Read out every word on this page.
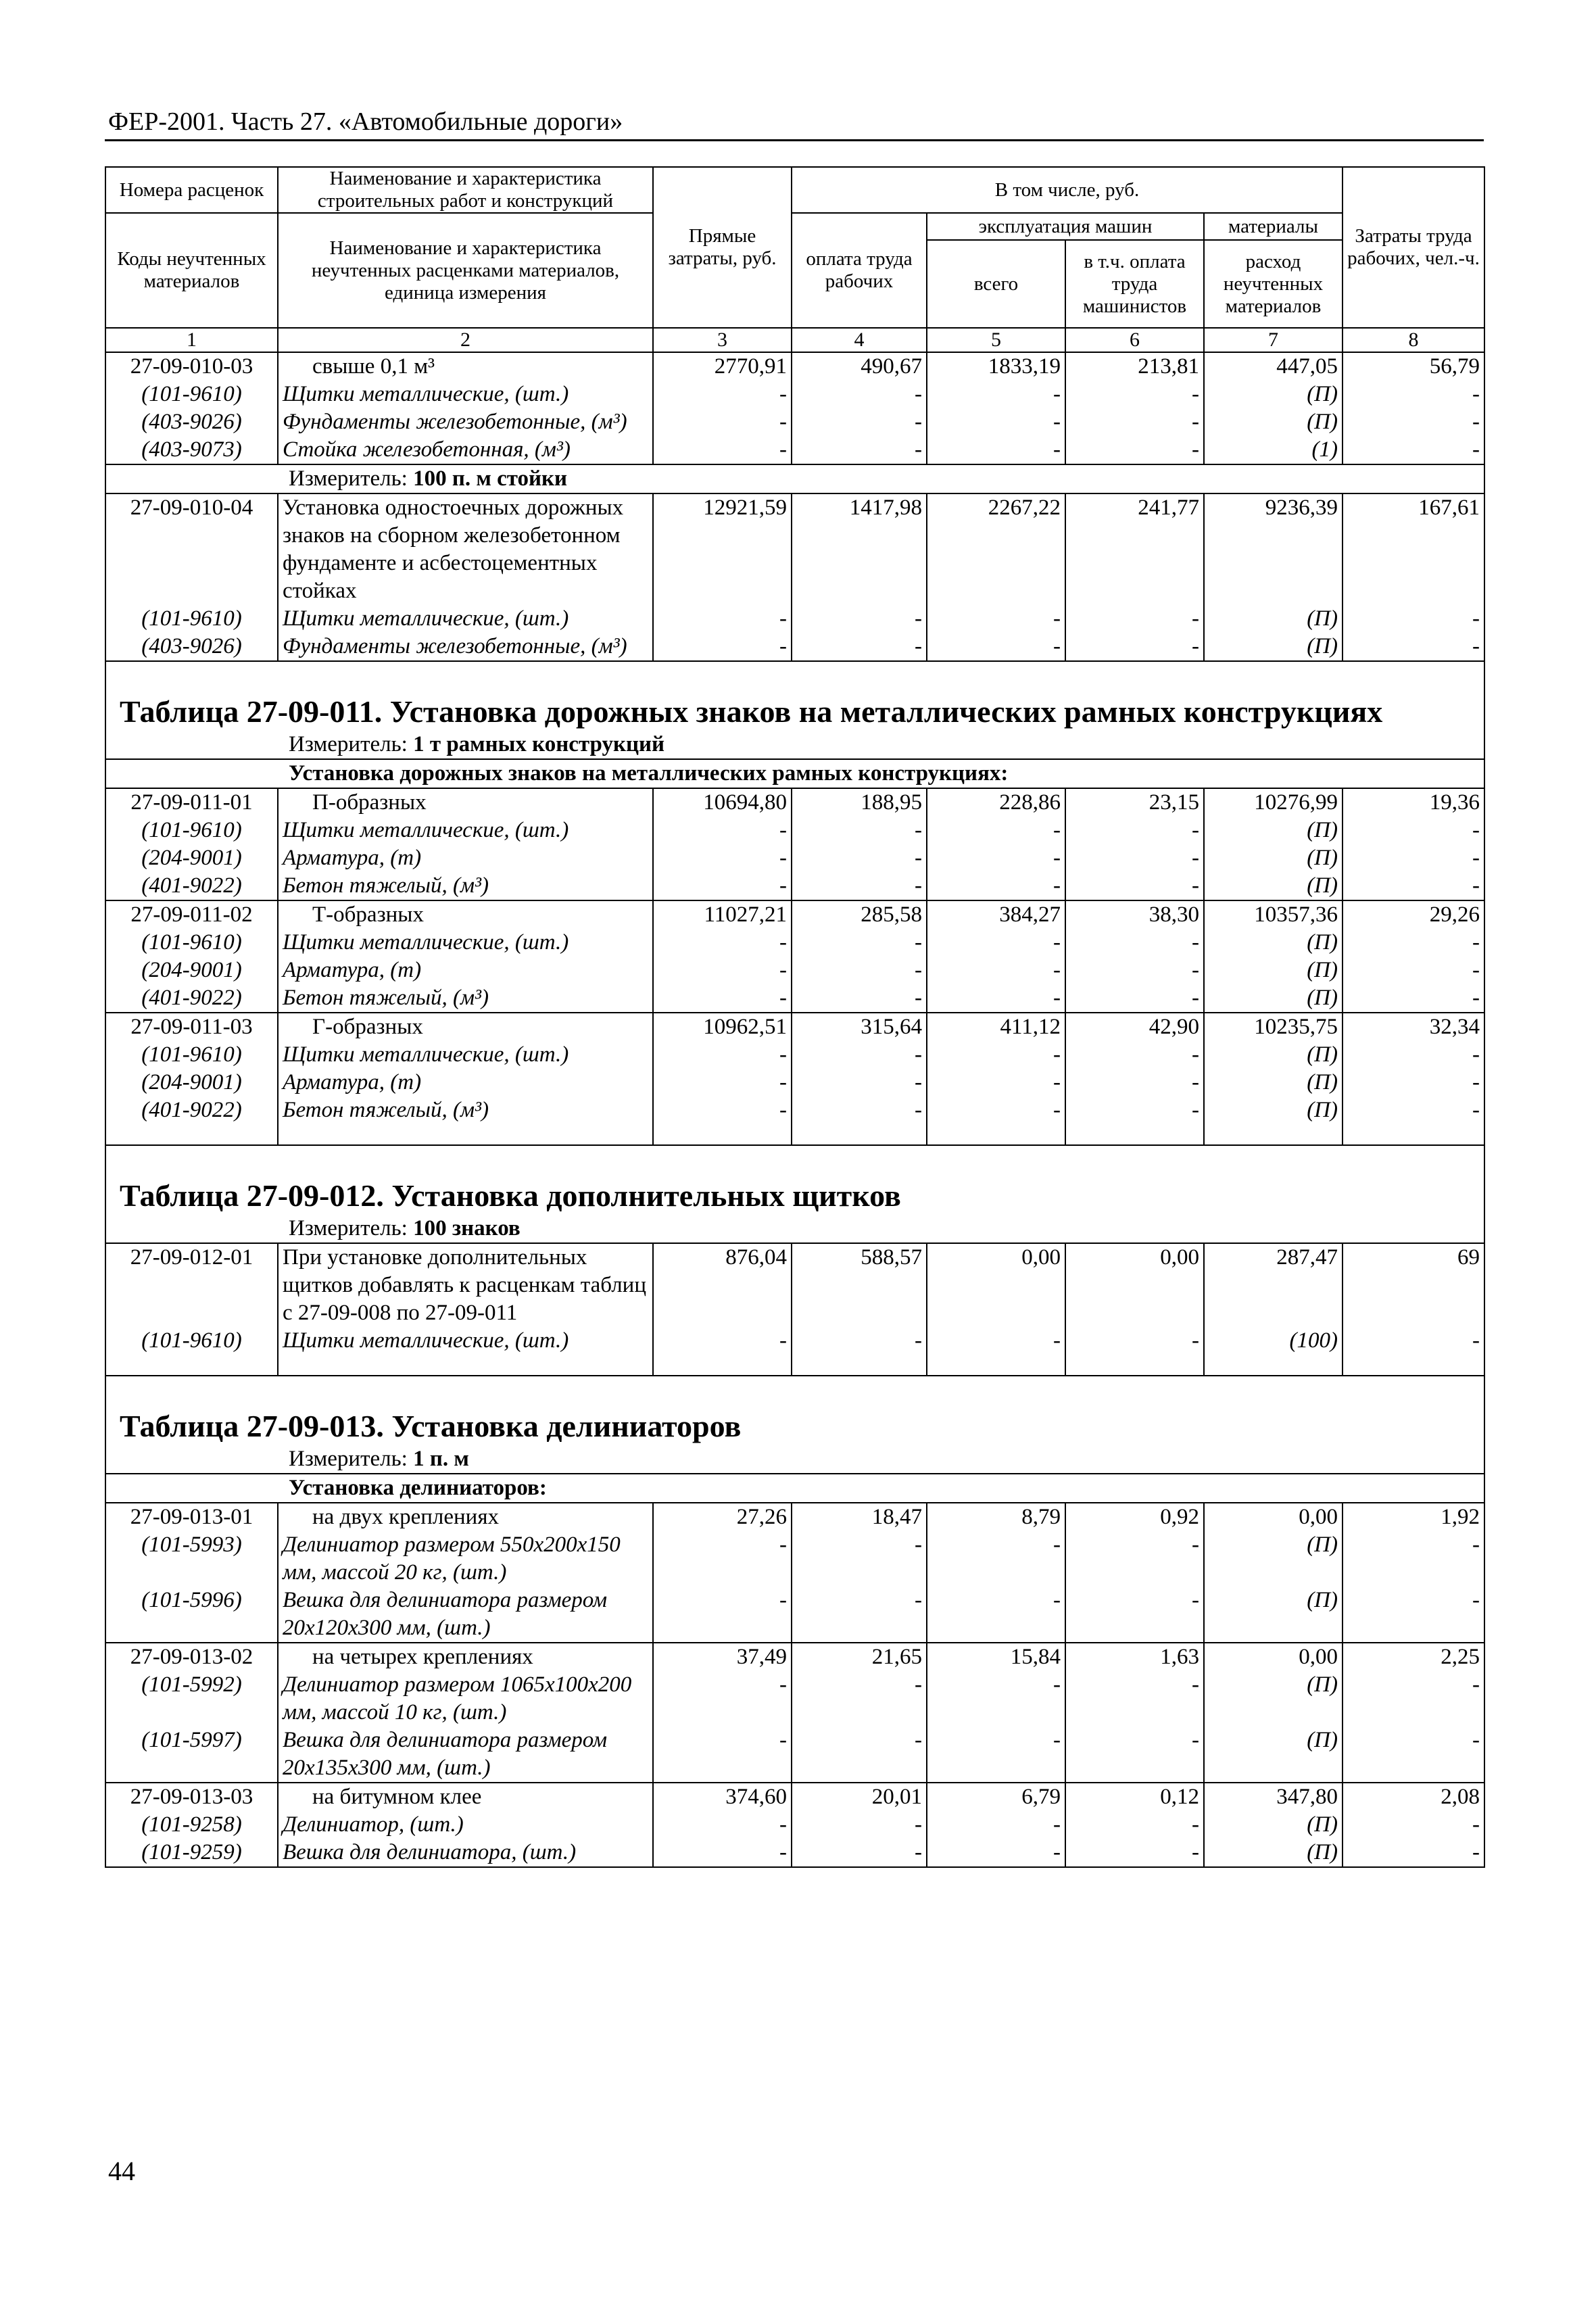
ФЕР-2001. Часть 27. «Автомобильные дороги»
Номера расценок	Наименование и характеристика строительных работ и конструкций	Прямые затраты, руб.	В том числе, руб.				Затраты труда рабочих, чел.-ч.
Коды неучтенных материалов	Наименование и характеристика неучтенных расценками материалов, единица измерения		оплата труда рабочих	эксплуатация машин		материалы	
				всего	в т.ч. оплата труда машинистов	расход неучтенных материалов	
1	2	3	4	5	6	7	8
27-09-010-03	свыше 0,1 м³	2770,91	490,67	1833,19	213,81	447,05	56,79
(101-9610)	Щитки металлические, (шт.)	-	-	-	-	(П)	-
(403-9026)	Фундаменты железобетонные, (м³)	-	-	-	-	(П)	-
(403-9073)	Стойка железобетонная, (м³)	-	-	-	-	(1)	-
Измеритель: 100 п. м стойки							
27-09-010-04	Установка одностоечных дорожных знаков на сборном железобетонном фундаменте и асбестоцементных стойках	12921,59	1417,98	2267,22	241,77	9236,39	167,61
(101-9610)	Щитки металлические, (шт.)	-	-	-	-	(П)	-
(403-9026)	Фундаменты железобетонные, (м³)	-	-	-	-	(П)	-

Таблица 27-09-011. Установка дорожных знаков на металлических рамных конструкциях							
Измеритель: 1 т рамных конструкций							
Установка дорожных знаков на металлических рамных конструкциях:							
27-09-011-01	П-образных	10694,80	188,95	228,86	23,15	10276,99	19,36
(101-9610)	Щитки металлические, (шт.)	-	-	-	-	(П)	-
(204-9001)	Арматура, (т)	-	-	-	-	(П)	-
(401-9022)	Бетон тяжелый, (м³)	-	-	-	-	(П)	-
27-09-011-02	Т-образных	11027,21	285,58	384,27	38,30	10357,36	29,26
(101-9610)	Щитки металлические, (шт.)	-	-	-	-	(П)	-
(204-9001)	Арматура, (т)	-	-	-	-	(П)	-
(401-9022)	Бетон тяжелый, (м³)	-	-	-	-	(П)	-
27-09-011-03	Г-образных	10962,51	315,64	411,12	42,90	10235,75	32,34
(101-9610)	Щитки металлические, (шт.)	-	-	-	-	(П)	-
(204-9001)	Арматура, (т)	-	-	-	-	(П)	-
(401-9022)	Бетон тяжелый, (м³)	-	-	-	-	(П)	-

Таблица 27-09-012. Установка дополнительных щитков							
Измеритель: 100 знаков							
27-09-012-01	При установке дополнительных щитков добавлять к расценкам таблиц с 27-09-008 по 27-09-011	876,04	588,57	0,00	0,00	287,47	69
(101-9610)	Щитки металлические, (шт.)	-	-	-	-	(100)	-

Таблица 27-09-013. Установка делиниаторов							
Измеритель: 1 п. м							
Установка делиниаторов:							
27-09-013-01	на двух креплениях	27,26	18,47	8,79	0,92	0,00	1,92
(101-5993)	Делиниатор размером 550x200x150 мм, массой 20 кг, (шт.)	-	-	-	-	(П)	-
(101-5996)	Вешка для делиниатора размером 20x120x300 мм, (шт.)	-	-	-	-	(П)	-
27-09-013-02	на четырех креплениях	37,49	21,65	15,84	1,63	0,00	2,25
(101-5992)	Делиниатор размером 1065x100x200 мм, массой 10 кг, (шт.)	-	-	-	-	(П)	-
(101-5997)	Вешка для делиниатора размером 20x135x300 мм, (шт.)	-	-	-	-	(П)	-
27-09-013-03	на битумном клее	374,60	20,01	6,79	0,12	347,80	2,08
(101-9258)	Делиниатор, (шт.)	-	-	-	-	(П)	-
(101-9259)	Вешка для делиниатора, (шт.)	-	-	-	-	(П)	-
44
